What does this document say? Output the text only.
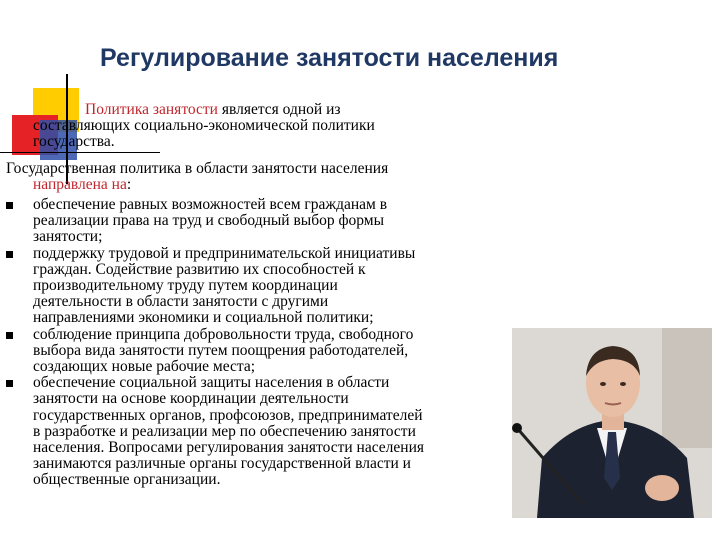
Регулирование занятости населения
Политика занятости является одной из
составляющих социально-экономической политики
государства.
Государственная политика в области занятости населения
направлена на:
обеспечение равных возможностей всем гражданам в
реализации права на труд и свободный выбор формы
занятости;
поддержку трудовой и предпринимательской инициативы
граждан. Содействие развитию их способностей к
производительному труду путем координации
деятельности в области занятости с другими
направлениями экономики и социальной политики;
соблюдение принципа добровольности труда, свободного
выбора вида занятости путем поощрения работодателей,
создающих новые рабочие места;
обеспечение социальной защиты населения в области
занятости на основе координации деятельности
государственных органов, профсоюзов, предпринимателей
в разработке и реализации мер по обеспечению занятости
населения. Вопросами регулирования занятости населения
занимаются различные органы государственной власти и
общественные организации.
